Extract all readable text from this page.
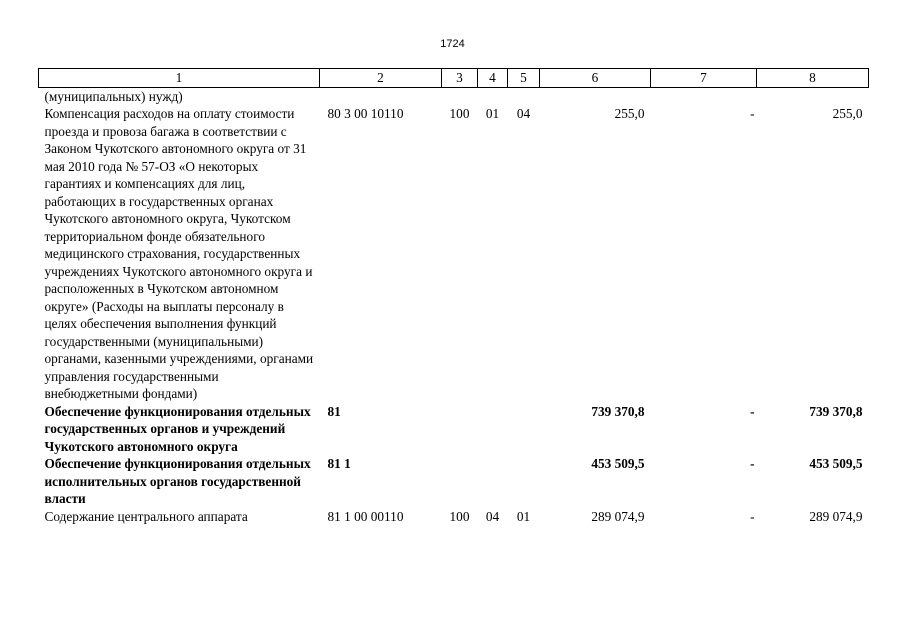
1724
1	2	3	4	5	6	7	8
(муниципальных) нужд)							
Компенсация расходов на оплату стоимости проезда и провоза багажа в соответствии с Законом Чукотского автономного округа от 31 мая 2010 года № 57-ОЗ «О некоторых гарантиях и компенсациях для лиц, работающих в государственных органах Чукотского автономного округа, Чукотском территориальном фонде обязательного медицинского страхования, государственных учреждениях Чукотского автономного округа и расположенных в Чукотском автономном округе» (Расходы на выплаты персоналу в целях обеспечения выполнения функций государственными (муниципальными) органами, казенными учреждениями, органами управления государственными внебюджетными фондами)	80 3 00 10110	100	01	04	255,0	-	255,0
Обеспечение функционирования отдельных государственных органов и учреждений Чукотского автономного округа	81				739 370,8	-	739 370,8
Обеспечение функционирования отдельных исполнительных органов государственной власти	81 1				453 509,5	-	453 509,5
Содержание центрального аппарата	81 1 00 00110	100	04	01	289 074,9	-	289 074,9
